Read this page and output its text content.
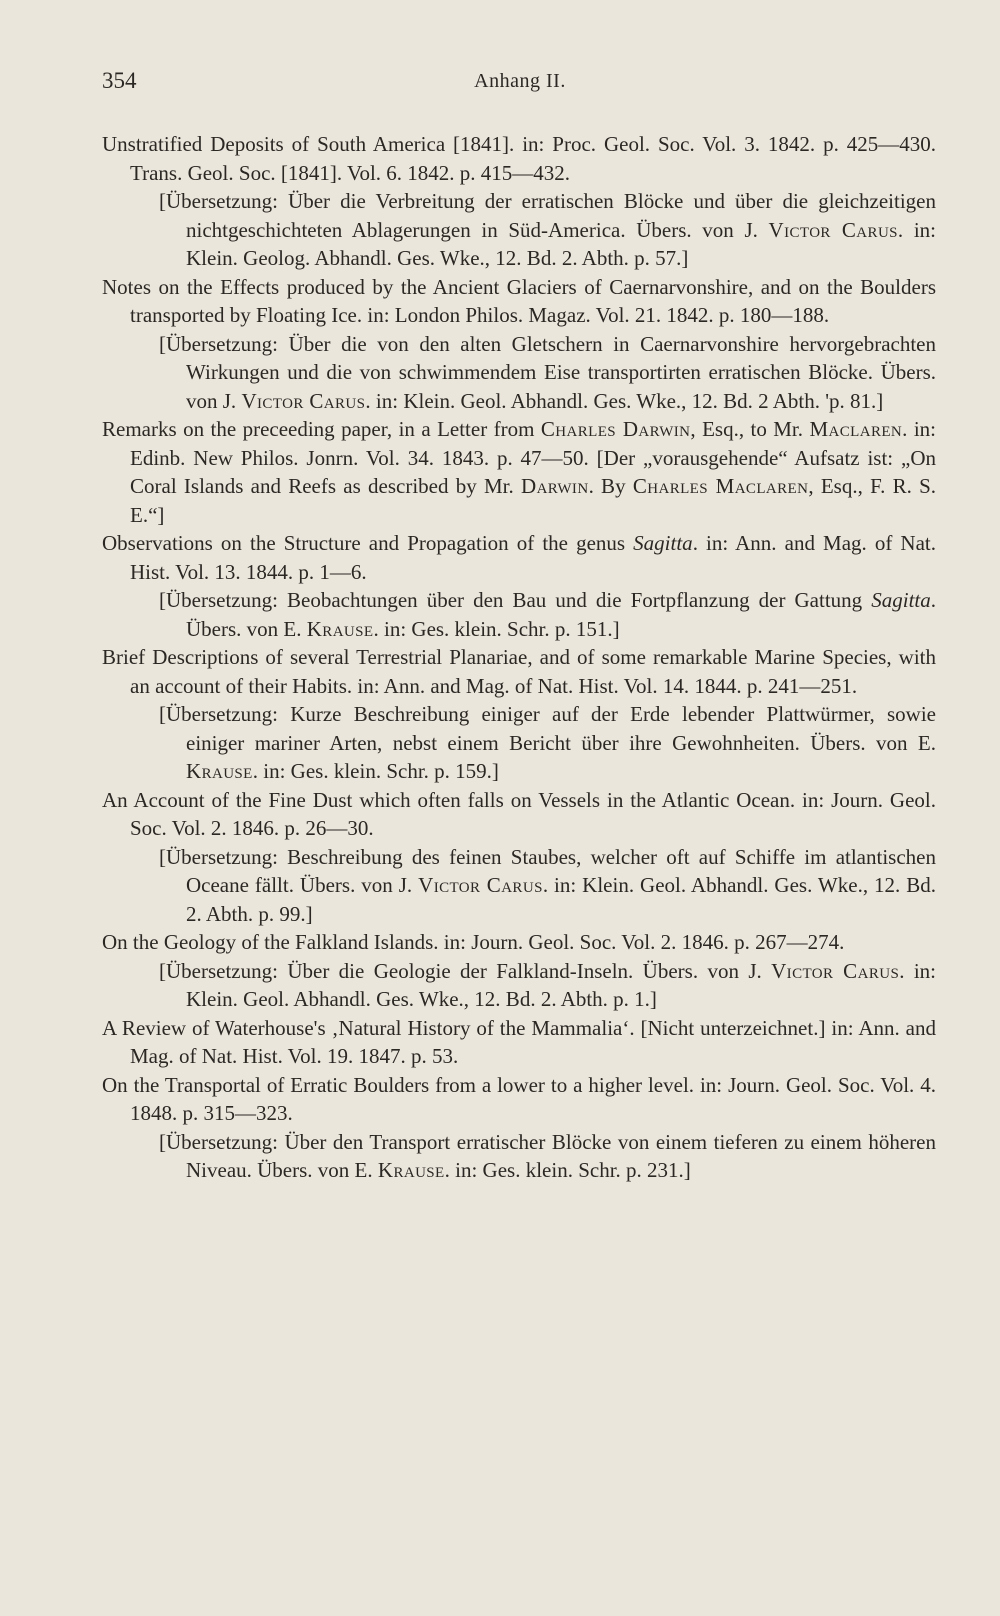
354	Anhang II.

Unstratified Deposits of South America [1841]. in: Proc. Geol. Soc. Vol. 3. 1842. p. 425—430. Trans. Geol. Soc. [1841]. Vol. 6. 1842. p. 415—432.

[Übersetzung: Über die Verbreitung der erratischen Blöcke und über die gleichzeitigen nichtgeschichteten Ablagerungen in Süd-America. Übers. von J. Victor Carus. in: Klein. Geolog. Abhandl. Ges. Wke., 12. Bd. 2. Abth. p. 57.]

Notes on the Effects produced by the Ancient Glaciers of Caernarvonshire, and on the Boulders transported by Floating Ice. in: London Philos. Magaz. Vol. 21. 1842. p. 180—188.

[Übersetzung: Über die von den alten Gletschern in Caernarvonshire hervorgebrachten Wirkungen und die von schwimmendem Eise transportirten erratischen Blöcke. Übers. von J. Victor Carus. in: Klein. Geol. Abhandl. Ges. Wke., 12. Bd. 2 Abth. 'p. 81.]

Remarks on the preceeding paper, in a Letter from Charles Darwin, Esq., to Mr. Maclaren. in: Edinb. New Philos. Jonrn. Vol. 34. 1843. p. 47—50. [Der „vorausgehende“ Aufsatz ist: „On Coral Islands and Reefs as described by Mr. Darwin. By Charles Maclaren, Esq., F. R. S. E.“]

Observations on the Structure and Propagation of the genus Sagitta. in: Ann. and Mag. of Nat. Hist. Vol. 13. 1844. p. 1—6.

[Übersetzung: Beobachtungen über den Bau und die Fortpflanzung der Gattung Sagitta. Übers. von E. Krause. in: Ges. klein. Schr. p. 151.]

Brief Descriptions of several Terrestrial Planariae, and of some remarkable Marine Species, with an account of their Habits. in: Ann. and Mag. of Nat. Hist. Vol. 14. 1844. p. 241—251.

[Übersetzung: Kurze Beschreibung einiger auf der Erde lebender Plattwürmer, sowie einiger mariner Arten, nebst einem Bericht über ihre Gewohnheiten. Übers. von E. Krause. in: Ges. klein. Schr. p. 159.]

An Account of the Fine Dust which often falls on Vessels in the Atlantic Ocean. in: Journ. Geol. Soc. Vol. 2. 1846. p. 26—30.

[Übersetzung: Beschreibung des feinen Staubes, welcher oft auf Schiffe im atlantischen Oceane fällt. Übers. von J. Victor Carus. in: Klein. Geol. Abhandl. Ges. Wke., 12. Bd. 2. Abth. p. 99.]

On the Geology of the Falkland Islands. in: Journ. Geol. Soc. Vol. 2. 1846. p. 267—274.

[Übersetzung: Über die Geologie der Falkland-Inseln. Übers. von J. Victor Carus. in: Klein. Geol. Abhandl. Ges. Wke., 12. Bd. 2. Abth. p. 1.]

A Review of Waterhouse's ‚Natural History of the Mammalia‘. [Nicht unterzeichnet.] in: Ann. and Mag. of Nat. Hist. Vol. 19. 1847. p. 53.

On the Transportal of Erratic Boulders from a lower to a higher level. in: Journ. Geol. Soc. Vol. 4. 1848. p. 315—323.

[Übersetzung: Über den Transport erratischer Blöcke von einem tieferen zu einem höheren Niveau. Übers. von E. Krause. in: Ges. klein. Schr. p. 231.]
